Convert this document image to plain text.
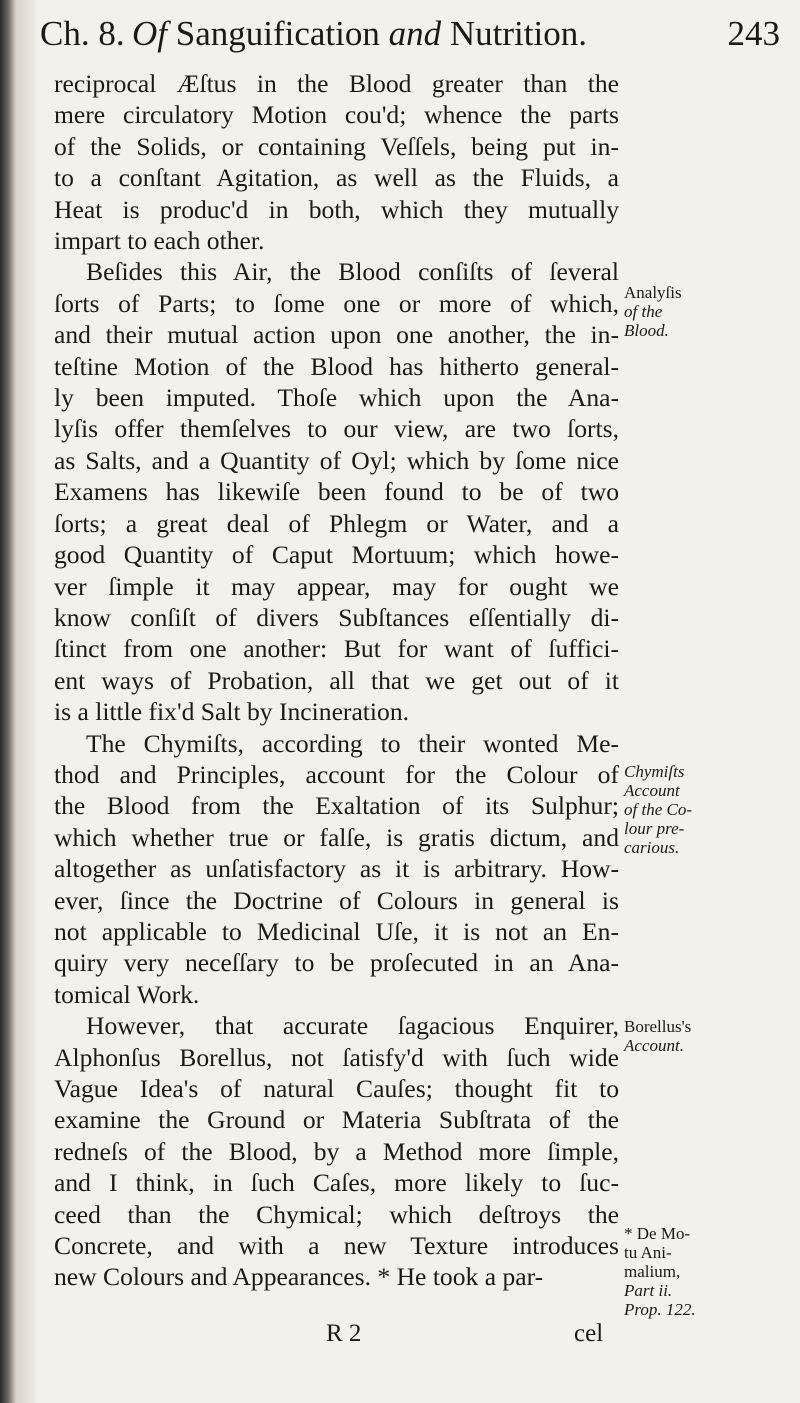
Ch. 8. Of Sanguification and Nutrition.	243
reciprocal Æſtus in the Blood greater than the
mere circulatory Motion cou'd; whence the parts
of the Solids, or containing Veſſels, being put in-
to a conſtant Agitation, as well as the Fluids, a
Heat is produc'd in both, which they mutually
impart to each other.
Beſides this Air, the Blood conſiſts of ſeveral
ſorts of Parts; to ſome one or more of which,
and their mutual action upon one another, the in-
teſtine Motion of the Blood has hitherto general-
ly been imputed. Thoſe which upon the Ana-
lyſis offer themſelves to our view, are two ſorts,
as Salts, and a Quantity of Oyl; which by ſome nice
Examens has likewiſe been found to be of two
ſorts; a great deal of Phlegm or Water, and a
good Quantity of Caput Mortuum; which howe-
ver ſimple it may appear, may for ought we
know conſiſt of divers Subſtances eſſentially di-
ſtinct from one another: But for want of ſuffici-
ent ways of Probation, all that we get out of it
is a little fix'd Salt by Incineration.
The Chymiſts, according to their wonted Me-
thod and Principles, account for the Colour of
the Blood from the Exaltation of its Sulphur;
which whether true or falſe, is gratis dictum, and
altogether as unſatisfactory as it is arbitrary. How-
ever, ſince the Doctrine of Colours in general is
not applicable to Medicinal Uſe, it is not an En-
quiry very neceſſary to be proſecuted in an Ana-
tomical Work.
However, that accurate ſagacious Enquirer,
Alphonſus Borellus, not ſatisfy'd with ſuch wide
Vague Idea's of natural Cauſes; thought fit to
examine the Ground or Materia Subſtrata of the
redneſs of the Blood, by a Method more ſimple,
and I think, in ſuch Caſes, more likely to ſuc-
ceed than the Chymical; which deſtroys the
Concrete, and with a new Texture introduces
new Colours and Appearances. * He took a par-
Analyſis
of the
Blood.
Chymiſts
Account
of the Co-
lour pre-
carious.
Borellus's
Account.
* De Mo-
tu Ani-
malium,
Part ii.
Prop. 122.
R 2	cel
